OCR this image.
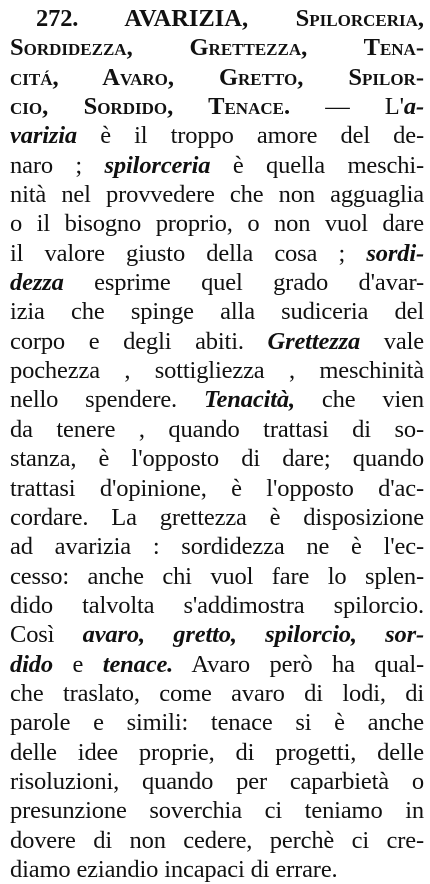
272. AVARIZIA, Spilorceria,
Sordidezza, Grettezza, Tena-
citá, Avaro, Gretto, Spilor-
cio, Sordido, Tenace. — L'a-
varizia è il troppo amore del de-
naro ; spilorceria è quella meschi-
nità nel provvedere che non agguaglia
o il bisogno proprio, o non vuol dare
il valore giusto della cosa ; sordi-
dezza esprime quel grado d'avar-
izia che spinge alla sudiceria del
corpo e degli abiti. Grettezza vale
pochezza , sottigliezza , meschinità
nello spendere. Tenacità, che vien
da tenere , quando trattasi di so-
stanza, è l'opposto di dare; quando
trattasi d'opinione, è l'opposto d'ac-
cordare. La grettezza è disposizione
ad avarizia : sordidezza ne è l'ec-
cesso: anche chi vuol fare lo splen-
dido talvolta s'addimostra spilorcio.
Così avaro, gretto, spilorcio, sor-
dido e tenace. Avaro però ha qual-
che traslato, come avaro di lodi, di
parole e simili: tenace si è anche
delle idee proprie, di progetti, delle
risoluzioni, quando per caparbietà o
presunzione soverchia ci teniamo in
dovere di non cedere, perchè ci cre-
diamo eziandio incapaci di errare.
